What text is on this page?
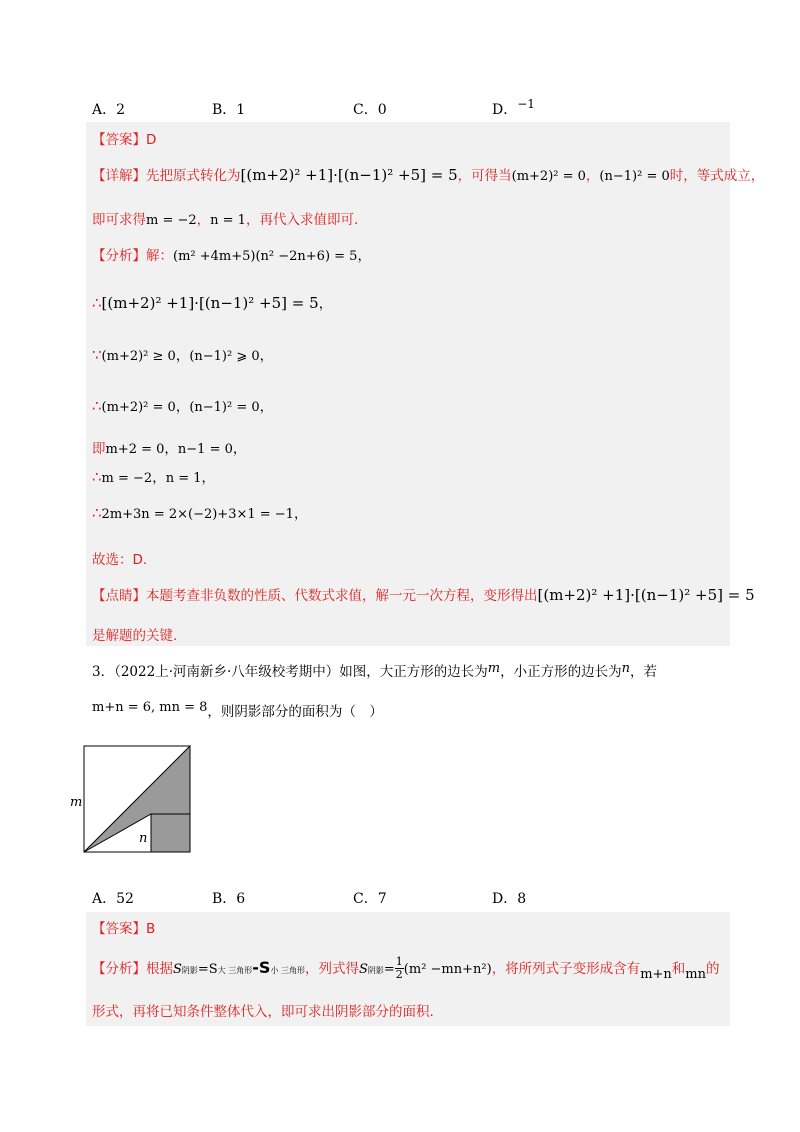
A．2	B．1	C．0	D．−1
【答案】D
【详解】先把原式转化为[(m+2)² +1]·[(n−1)² +5] = 5，可得当(m+2)² = 0，(n−1)² = 0时，等式成立，
即可求得m = −2，n = 1，再代入求值即可.
【分析】解：(m² +4m+5)(n² −2n+6) = 5，
∴[(m+2)² +1]·[(n−1)² +5] = 5，
∵(m+2)² ≥ 0，(n−1)² ⩾ 0，
∴(m+2)² = 0，(n−1)² = 0，
即m+2 = 0，n−1 = 0，
∴m = −2，n = 1，
∴2m+3n = 2×(−2)+3×1 = −1，
故选：D.
【点睛】本题考查非负数的性质、代数式求值，解一元一次方程，变形得出[(m+2)² +1]·[(n−1)² +5] = 5
是解题的关键.
3．（2022上·河南新乡·八年级校考期中）如图，大正方形的边长为$^m$，小正方形的边长为$^n$，若
$^{m+n = 6, mn = 8}$，则阴影部分的面积为（　）
m
n
A．52	B．6	C．7	D．8
【答案】B
【分析】根据S阴影=S大 三角形-S小 三角形，列式得S阴影= $\frac{1}{2} (m^2 -mn+n^2)$，将所列式子变形成含有$_{m+n}$和$_{mn}$的
形式，再将已知条件整体代入，即可求出阴影部分的面积.
